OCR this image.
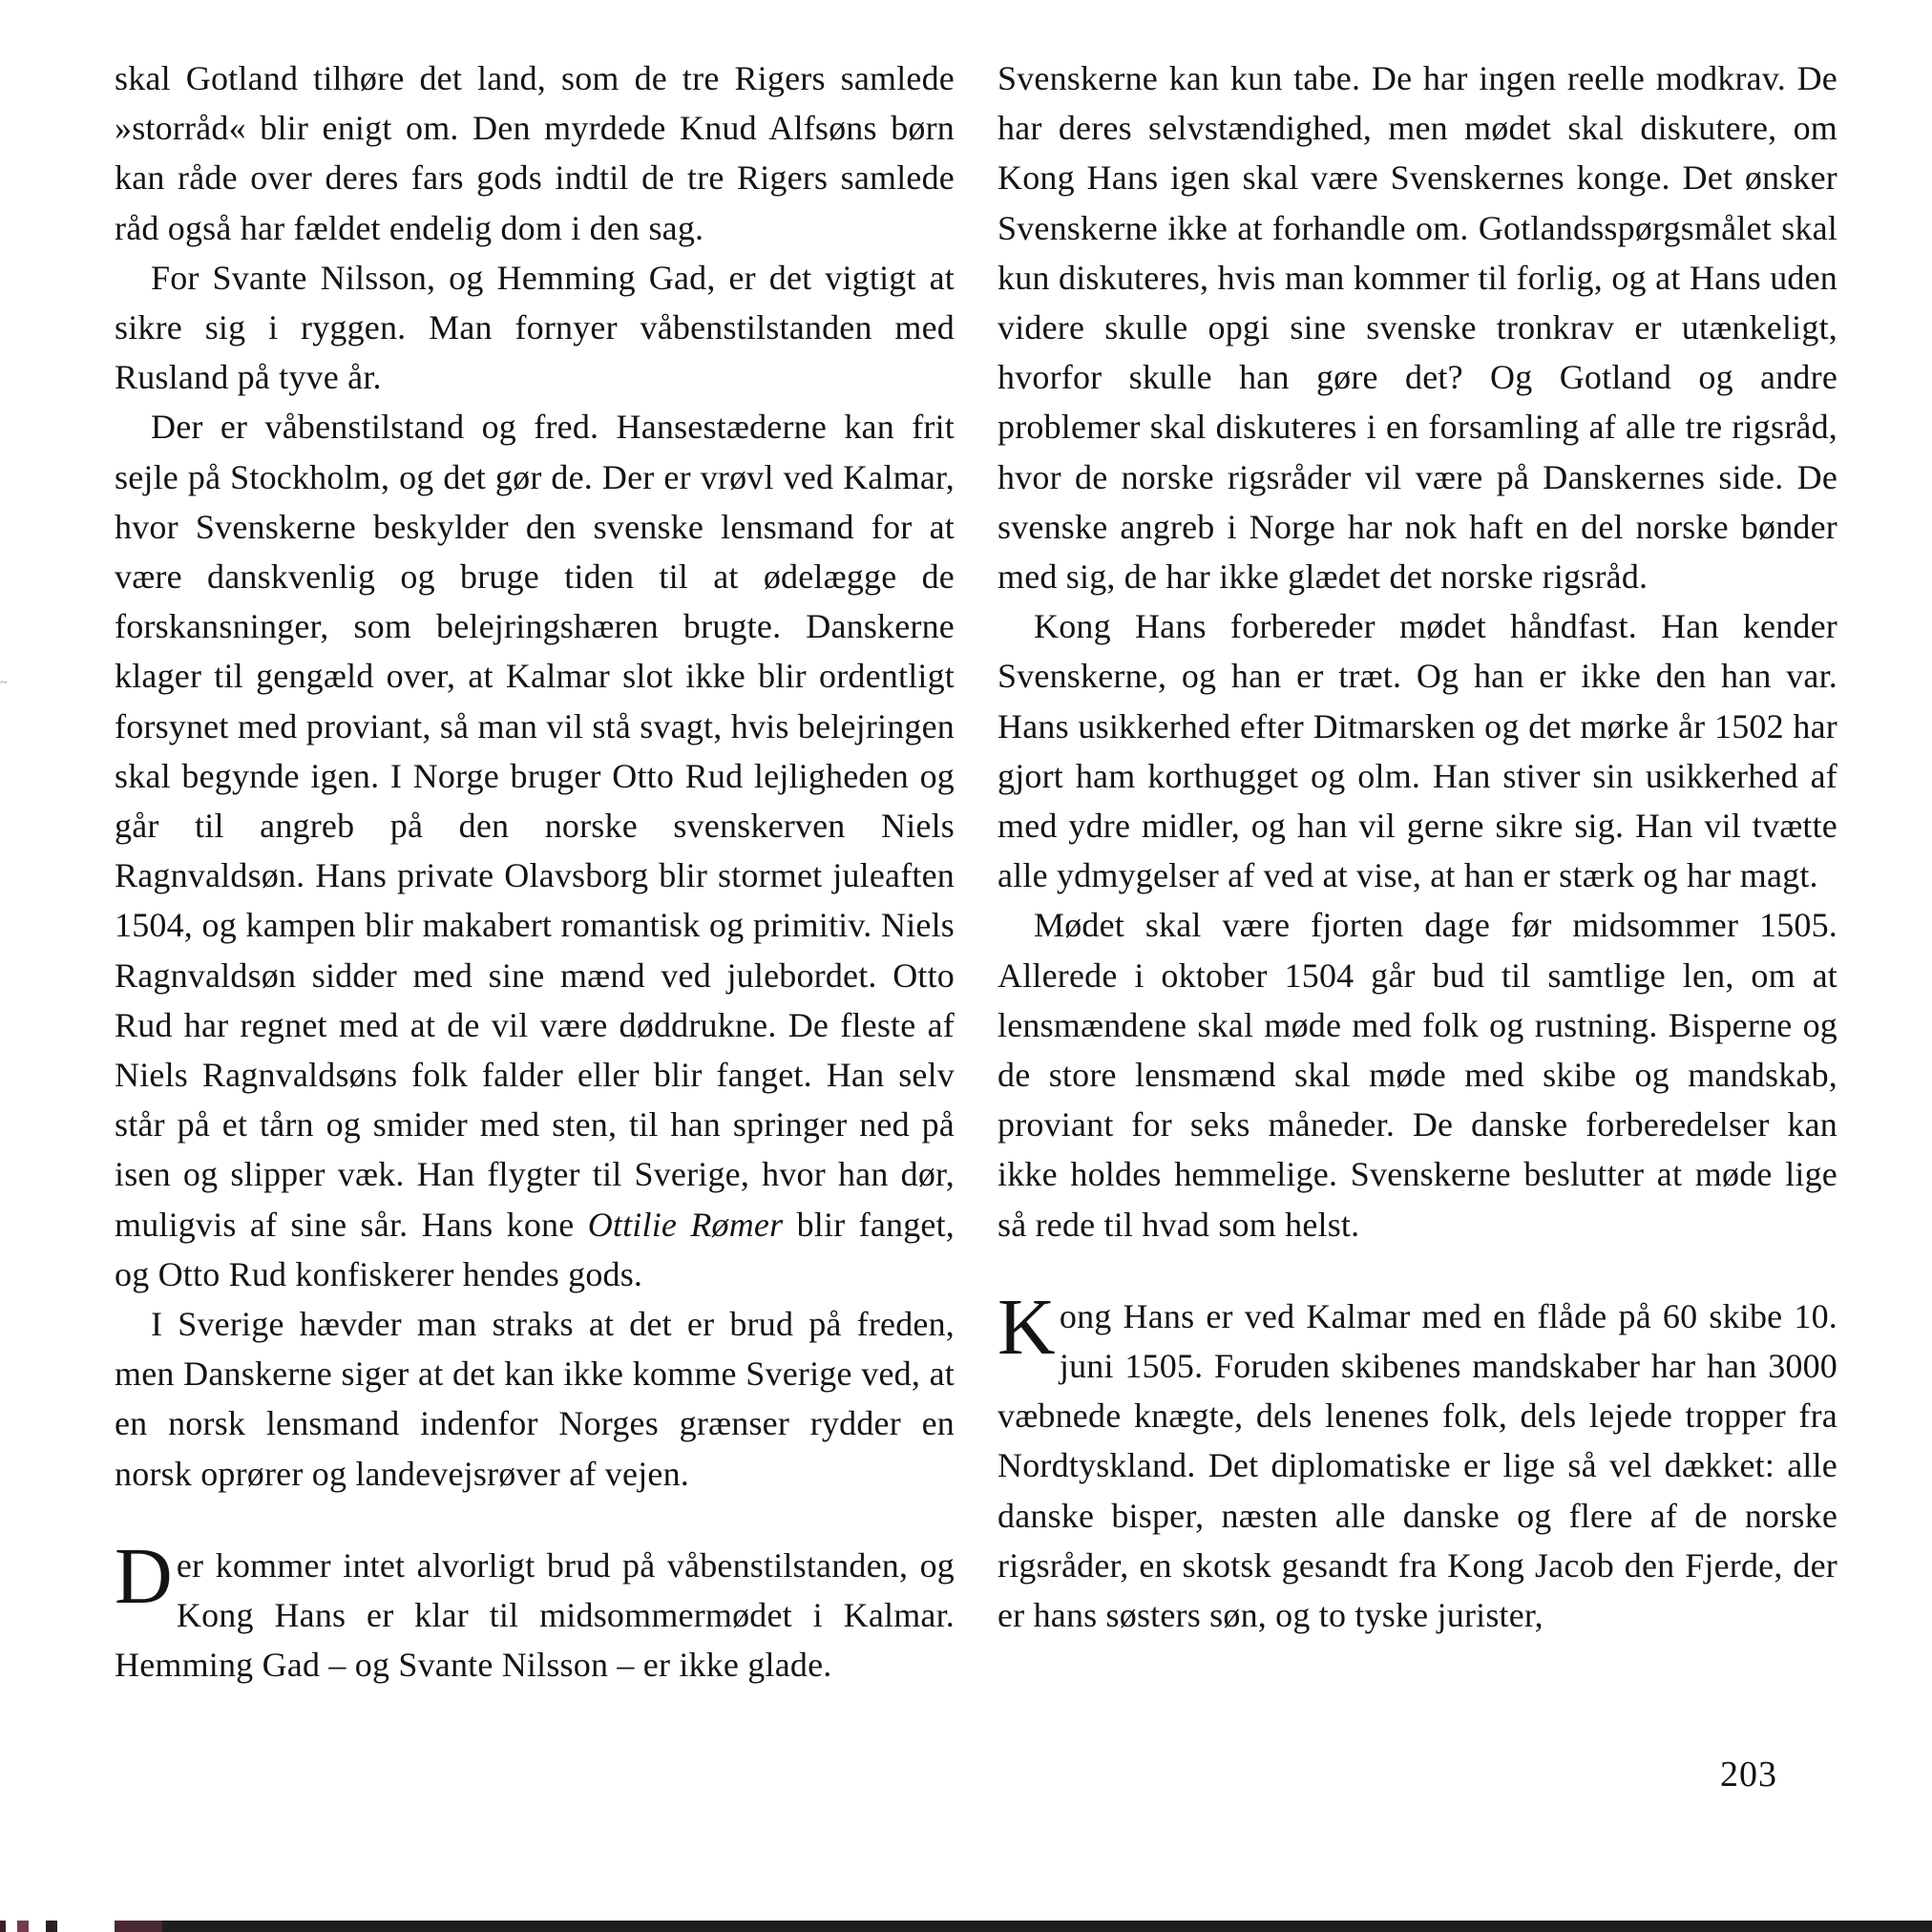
~

skal Gotland tilhøre det land, som de tre Rigers samlede »storråd« blir enigt om. Den myrdede Knud Alfsøns børn kan råde over deres fars gods indtil de tre Rigers samlede råd også har fældet endelig dom i den sag.

For Svante Nilsson, og Hemming Gad, er det vigtigt at sikre sig i ryggen. Man fornyer våbenstilstanden med Rusland på tyve år.

Der er våbenstilstand og fred. Hansestæderne kan frit sejle på Stockholm, og det gør de. Der er vrøvl ved Kalmar, hvor Svenskerne beskylder den svenske lensmand for at være danskvenlig og bruge tiden til at ødelægge de forskansninger, som belejringshæren brugte. Danskerne klager til gengæld over, at Kalmar slot ikke blir ordentligt forsynet med proviant, så man vil stå svagt, hvis belejringen skal begynde igen. I Norge bruger Otto Rud lejligheden og går til angreb på den norske svenskerven Niels Ragnvaldsøn. Hans private Olavsborg blir stormet juleaften 1504, og kampen blir makabert romantisk og primitiv. Niels Ragnvaldsøn sidder med sine mænd ved julebordet. Otto Rud har regnet med at de vil være døddrukne. De fleste af Niels Ragnvaldsøns folk falder eller blir fanget. Han selv står på et tårn og smider med sten, til han springer ned på isen og slipper væk. Han flygter til Sverige, hvor han dør, muligvis af sine sår. Hans kone Ottilie Rømer blir fanget, og Otto Rud konfiskerer hendes gods.

I Sverige hævder man straks at det er brud på freden, men Danskerne siger at det kan ikke komme Sverige ved, at en norsk lensmand indenfor Norges grænser rydder en norsk oprører og landevejsrøver af vejen.

Der kommer intet alvorligt brud på våbenstilstanden, og Kong Hans er klar til midsommermødet i Kalmar. Hemming Gad – og Svante Nilsson – er ikke glade.

Svenskerne kan kun tabe. De har ingen reelle modkrav. De har deres selvstændighed, men mødet skal diskutere, om Kong Hans igen skal være Svenskernes konge. Det ønsker Svenskerne ikke at forhandle om. Gotlandsspørgsmålet skal kun diskuteres, hvis man kommer til forlig, og at Hans uden videre skulle opgi sine svenske tronkrav er utænkeligt, hvorfor skulle han gøre det? Og Gotland og andre problemer skal diskuteres i en forsamling af alle tre rigsråd, hvor de norske rigsråder vil være på Danskernes side. De svenske angreb i Norge har nok haft en del norske bønder med sig, de har ikke glædet det norske rigsråd.

Kong Hans forbereder mødet håndfast. Han kender Svenskerne, og han er træt. Og han er ikke den han var. Hans usikkerhed efter Ditmarsken og det mørke år 1502 har gjort ham korthugget og olm. Han stiver sin usikkerhed af med ydre midler, og han vil gerne sikre sig. Han vil tvætte alle ydmygelser af ved at vise, at han er stærk og har magt.

Mødet skal være fjorten dage før midsommer 1505. Allerede i oktober 1504 går bud til samtlige len, om at lensmændene skal møde med folk og rustning. Bisperne og de store lensmænd skal møde med skibe og mandskab, proviant for seks måneder. De danske forberedelser kan ikke holdes hemmelige. Svenskerne beslutter at møde lige så rede til hvad som helst.

Kong Hans er ved Kalmar med en flåde på 60 skibe 10. juni 1505. Foruden skibenes mandskaber har han 3000 væbnede knægte, dels lenenes folk, dels lejede tropper fra Nordtyskland. Det diplomatiske er lige så vel dækket: alle danske bisper, næsten alle danske og flere af de norske rigsråder, en skotsk gesandt fra Kong Jacob den Fjerde, der er hans søsters søn, og to tyske jurister,

203
